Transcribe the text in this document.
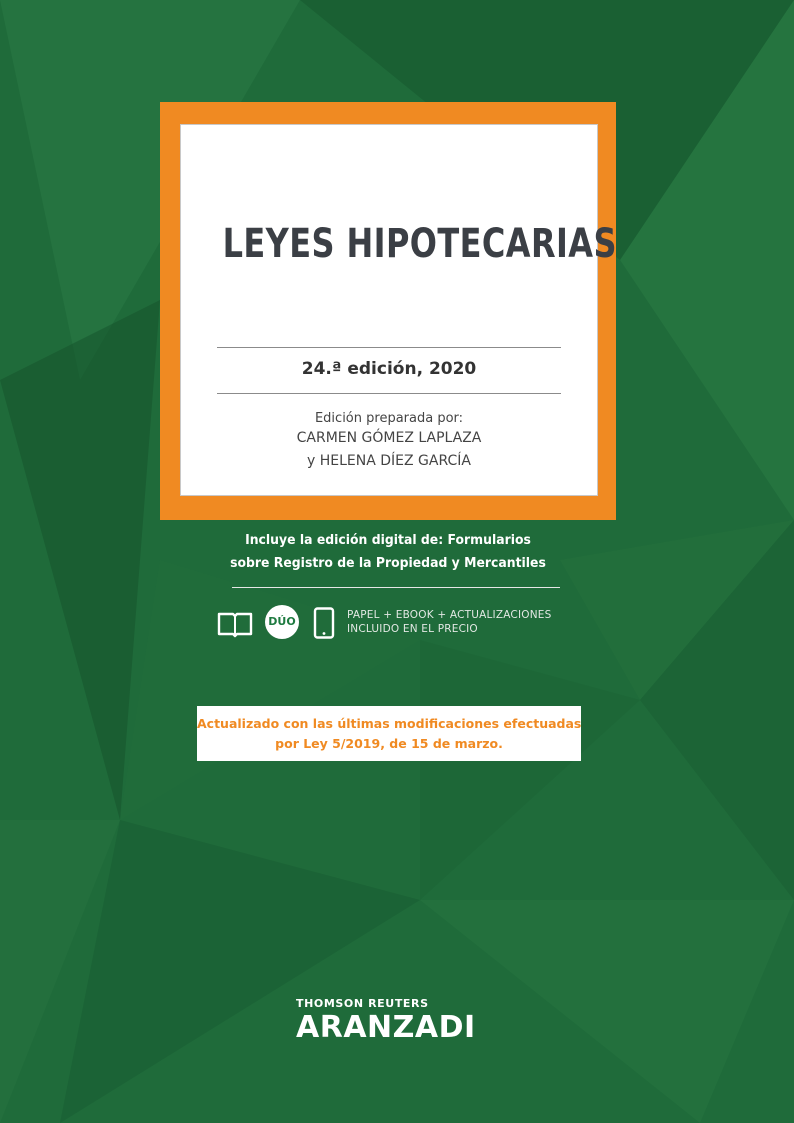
LEYES HIPOTECARIAS
24.ª edición, 2020
Edición preparada por:
CARMEN GÓMEZ LAPLAZA
y HELENA DÍEZ GARCÍA
Incluye la edición digital de: Formularios
sobre Registro de la Propiedad y Mercantiles
DÚO	PAPEL + EBOOK + ACTUALIZACIONES
INCLUIDO EN EL PRECIO
Actualizado con las últimas modificaciones efectuadas
por Ley 5/2019, de 15 de marzo.
THOMSON REUTERS
ARANZADI
